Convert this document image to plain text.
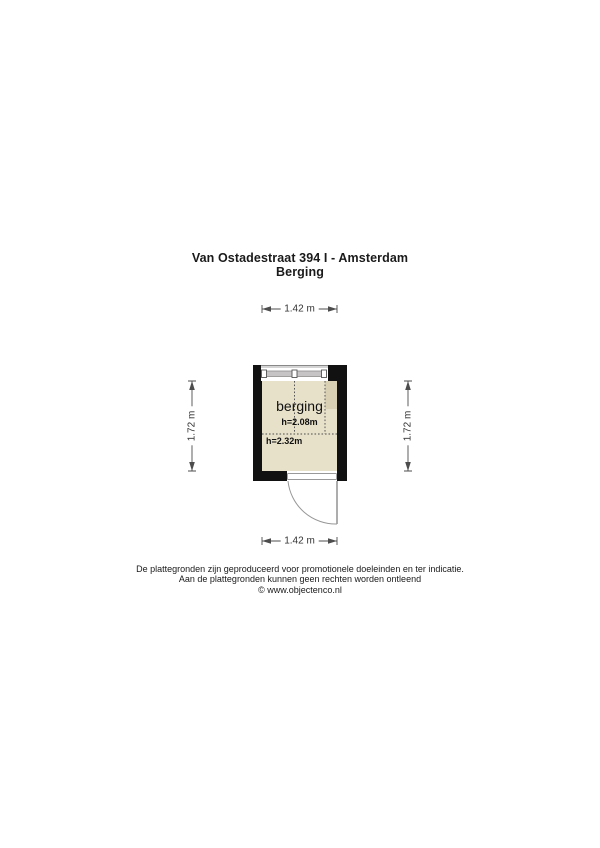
Van Ostadestraat 394 I - Amsterdam
Berging
1.42 m
1.42 m
1.72 m	1.72 m
berging
h=2.08m
h=2.32m
De plattegronden zijn geproduceerd voor promotionele doeleinden en ter indicatie.
Aan de plattegronden kunnen geen rechten worden ontleend
© www.objectenco.nl
